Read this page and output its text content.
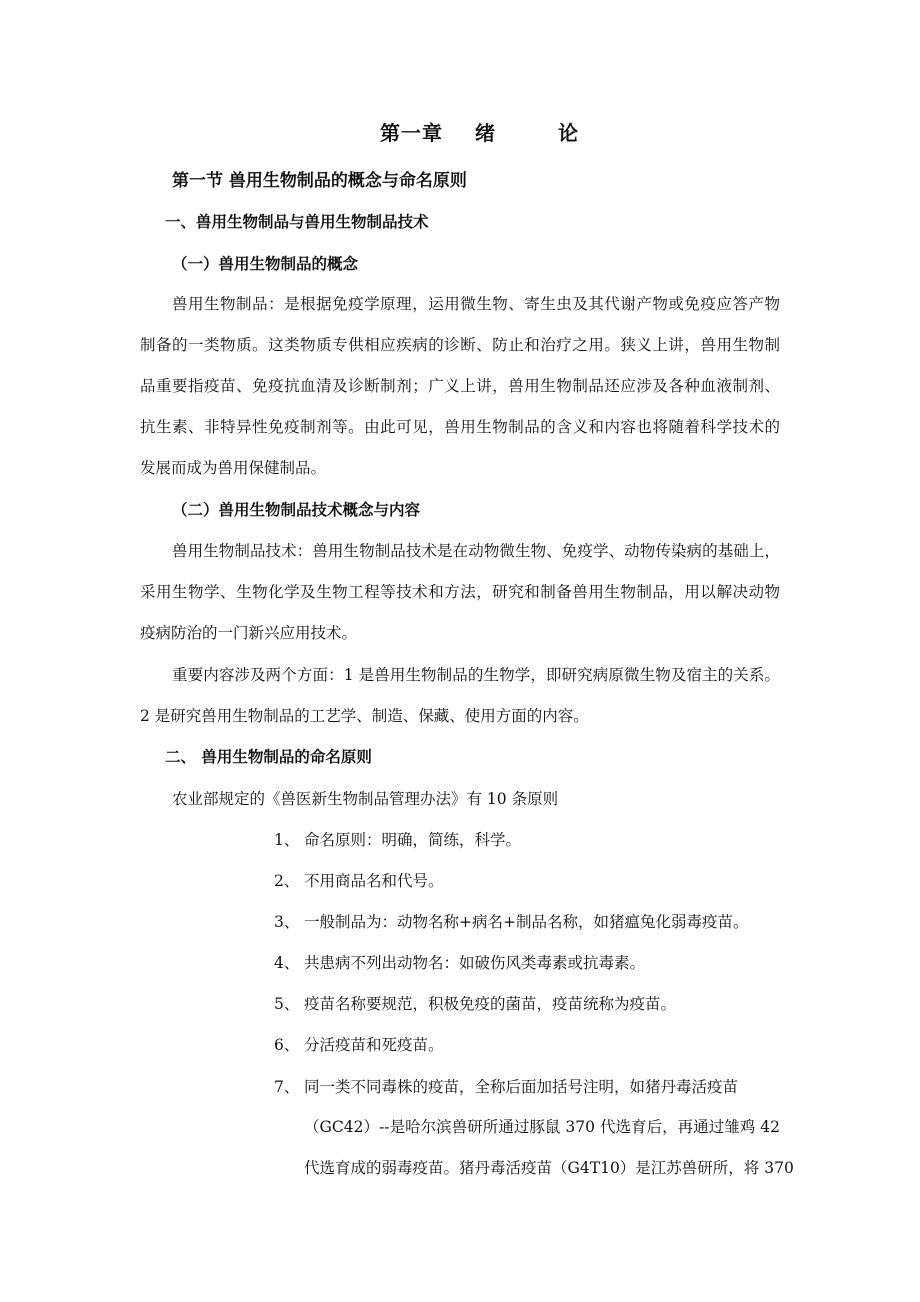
第一章 绪	论
第一节 兽用生物制品的概念与命名原则
一、兽用生物制品与兽用生物制品技术
（一）兽用生物制品的概念
兽用生物制品：是根据免疫学原理，运用微生物、寄生虫及其代谢产物或免疫应答产物
制备的一类物质。这类物质专供相应疾病的诊断、防止和治疗之用。狭义上讲，兽用生物制
品重要指疫苗、免疫抗血清及诊断制剂；广义上讲，兽用生物制品还应涉及各种血液制剂、
抗生素、非特异性免疫制剂等。由此可见，兽用生物制品的含义和内容也将随着科学技术的
发展而成为兽用保健制品。
（二）兽用生物制品技术概念与内容
兽用生物制品技术：兽用生物制品技术是在动物微生物、免疫学、动物传染病的基础上，
采用生物学、生物化学及生物工程等技术和方法，研究和制备兽用生物制品，用以解决动物
疫病防治的一门新兴应用技术。
重要内容涉及两个方面：1 是兽用生物制品的生物学，即研究病原微生物及宿主的关系。
2 是研究兽用生物制品的工艺学、制造、保藏、使用方面的内容。
二、 兽用生物制品的命名原则
农业部规定的《兽医新生物制品管理办法》有 10 条原则
1、 命名原则：明确，简练，科学。
2、 不用商品名和代号。
3、 一般制品为：动物名称+病名+制品名称，如猪瘟兔化弱毒疫苗。
4、 共患病不列出动物名：如破伤风类毒素或抗毒素。
5、 疫苗名称要规范，积极免疫的菌苗，疫苗统称为疫苗。
6、 分活疫苗和死疫苗。
7、 同一类不同毒株的疫苗，全称后面加括号注明，如猪丹毒活疫苗
（GC42）--是哈尔滨兽研所通过豚鼠 370 代选育后，再通过雏鸡 42
代选育成的弱毒疫苗。猪丹毒活疫苗（G4T10）是江苏兽研所，将 370
